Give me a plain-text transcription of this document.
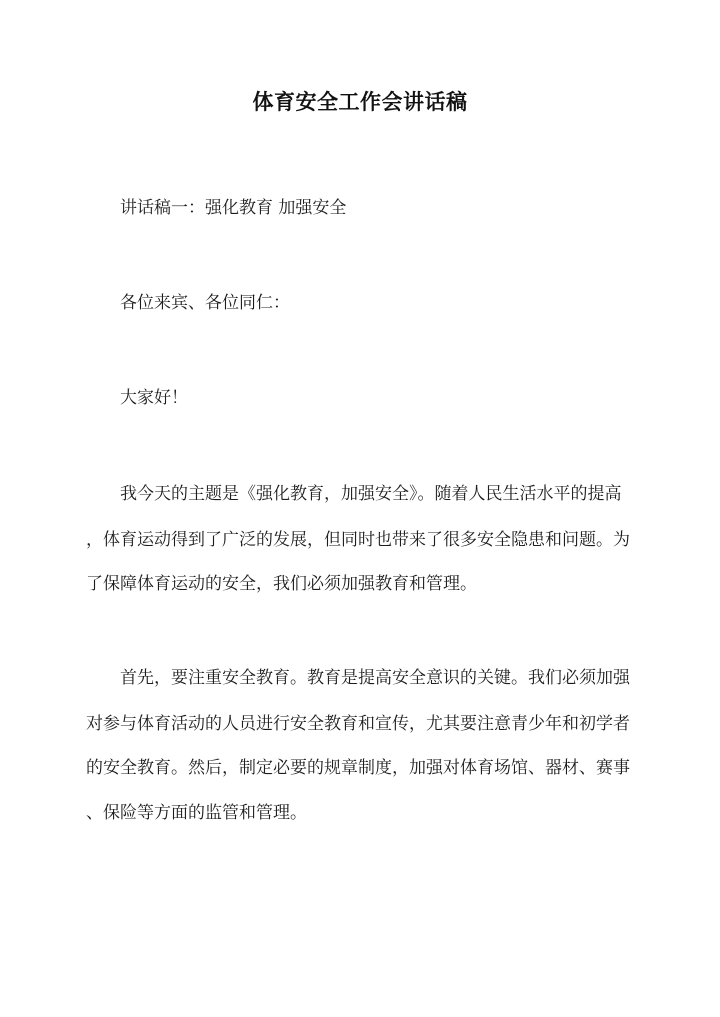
体育安全工作会讲话稿
讲话稿一：强化教育 加强安全
各位来宾、各位同仁：
大家好！
我今天的主题是《强化教育，加强安全》。随着人民生活水平的提高
，体育运动得到了广泛的发展，但同时也带来了很多安全隐患和问题。为
了保障体育运动的安全，我们必须加强教育和管理。
首先，要注重安全教育。教育是提高安全意识的关键。我们必须加强
对参与体育活动的人员进行安全教育和宣传，尤其要注意青少年和初学者
的安全教育。然后，制定必要的规章制度，加强对体育场馆、器材、赛事
、保险等方面的监管和管理。
